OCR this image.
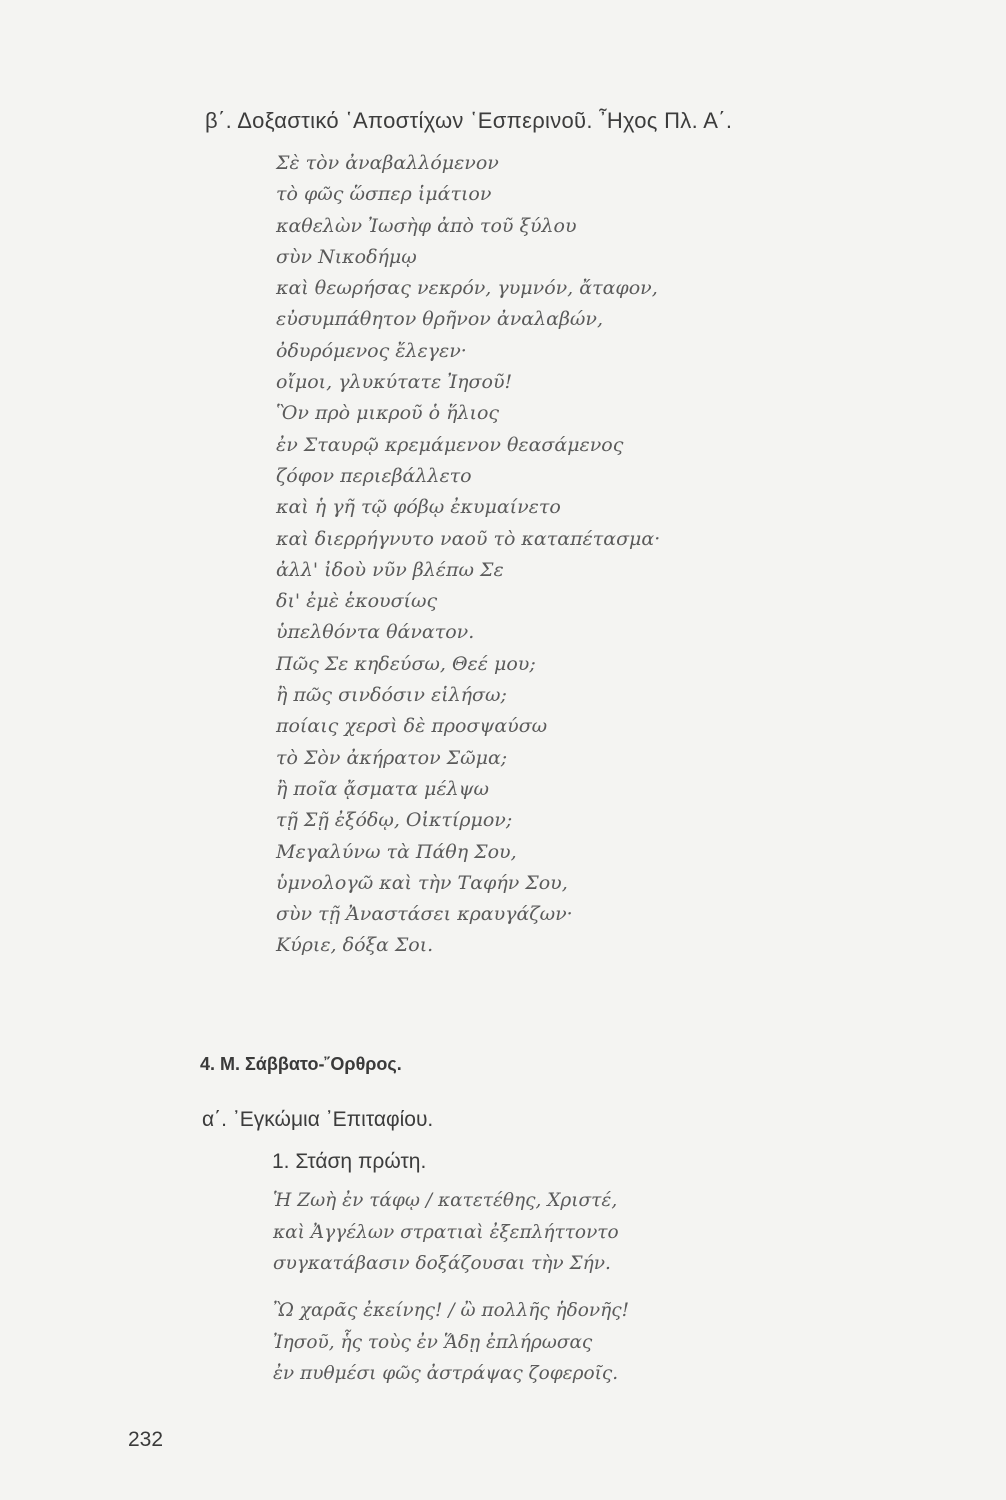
β΄. Δοξαστικό ῾Αποστίχων ῾Εσπερινοῦ. ῏Ηχος Πλ. Α΄.
Σὲ τὸν ἀναβαλλόμενον
τὸ φῶς ὥσπερ ἱμάτιον
καθελὼν Ἰωσὴφ ἀπὸ τοῦ ξύλου
σὺν Νικοδήμῳ
καὶ θεωρήσας νεκρόν, γυμνόν, ἄταφον,
εὐσυμπάθητον θρῆνον ἀναλαβών,
ὀδυρόμενος ἔλεγεν·
οἴμοι, γλυκύτατε Ἰησοῦ!
Ὃν πρὸ μικροῦ ὁ ἥλιος
ἐν Σταυρῷ κρεμάμενον θεασάμενος
ζόφον περιεβάλλετο
καὶ ἡ γῆ τῷ φόβῳ ἐκυμαίνετο
καὶ διερρήγνυτο ναοῦ τὸ καταπέτασμα·
ἀλλ' ἰδοὺ νῦν βλέπω Σε
δι' ἐμὲ ἑκουσίως
ὑπελθόντα θάνατον.
Πῶς Σε κηδεύσω, Θεέ μου;
ἢ πῶς σινδόσιν εἱλήσω;
ποίαις χερσὶ δὲ προσψαύσω
τὸ Σὸν ἀκήρατον Σῶμα;
ἢ ποῖα ᾄσματα μέλψω
τῇ Σῇ ἐξόδῳ, Οἰκτίρμον;
Μεγαλύνω τὰ Πάθη Σου,
ὑμνολογῶ καὶ τὴν Ταφήν Σου,
σὺν τῇ Ἀναστάσει κραυγάζων·
Κύριε, δόξα Σοι.
4. Μ. Σάββατο-῎Ορθρος.
α΄. ᾿Εγκώμια ᾿Επιταφίου.
1. Στάση πρώτη.
Ἡ Ζωὴ ἐν τάφῳ / κατετέθης, Χριστέ,
καὶ Ἀγγέλων στρατιαὶ ἐξεπλήττοντο
συγκατάβασιν δοξάζουσαι τὴν Σήν.
Ὢ χαρᾶς ἐκείνης! / ὢ πολλῆς ἡδονῆς!
Ἰησοῦ, ἧς τοὺς ἐν Ἅδῃ ἐπλήρωσας
ἐν πυθμέσι φῶς ἀστράψας ζοφεροῖς.
232
